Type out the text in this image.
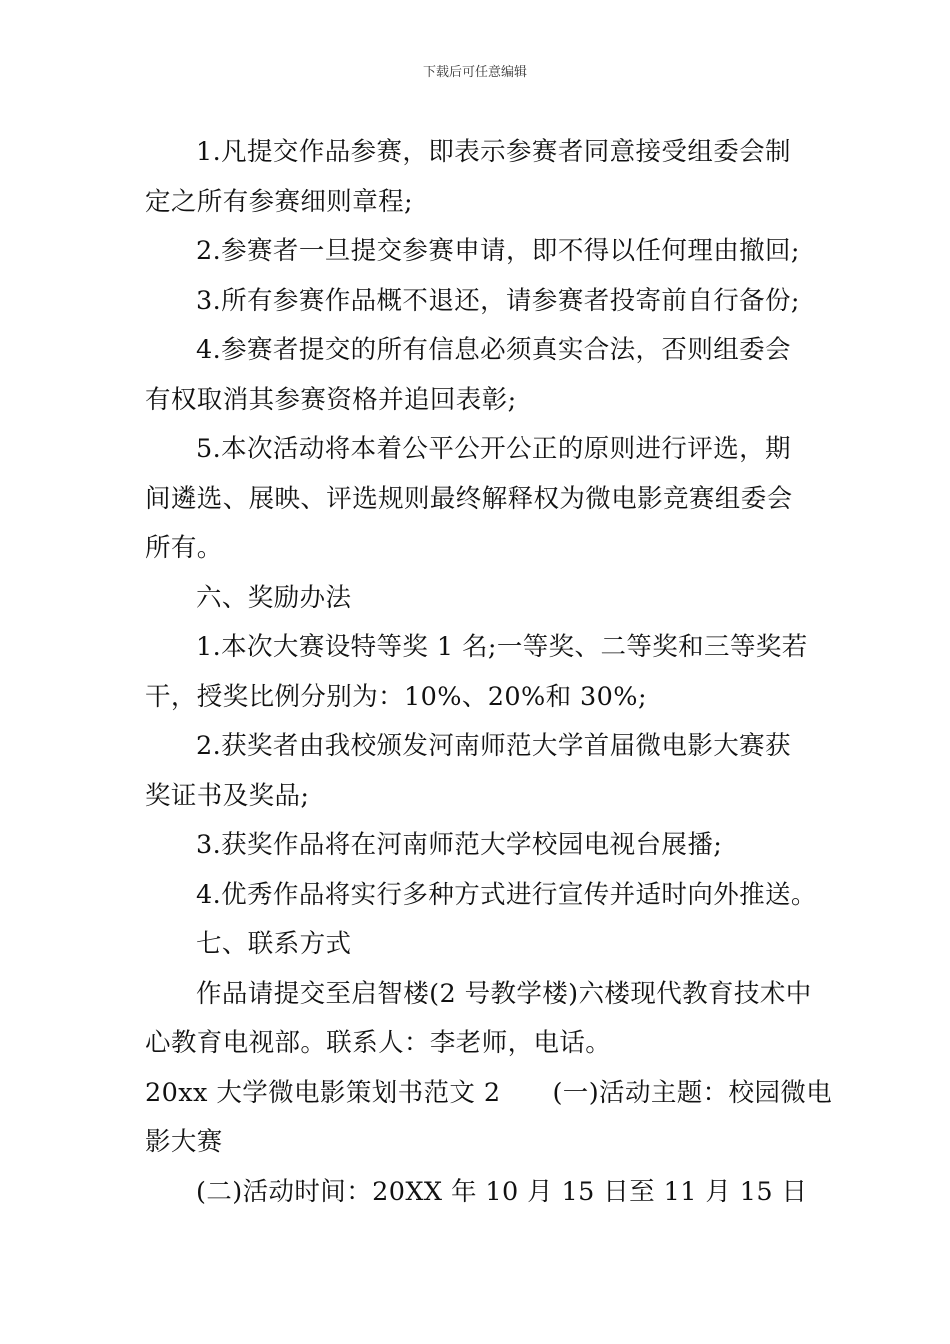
下载后可任意编辑
1.凡提交作品参赛，即表示参赛者同意接受组委会制
定之所有参赛细则章程;
2.参赛者一旦提交参赛申请，即不得以任何理由撤回;
3.所有参赛作品概不退还，请参赛者投寄前自行备份;
4.参赛者提交的所有信息必须真实合法，否则组委会
有权取消其参赛资格并追回表彰;
5.本次活动将本着公平公开公正的原则进行评选，期
间遴选、展映、评选规则最终解释权为微电影竞赛组委会
所有。
六、奖励办法
1.本次大赛设特等奖 1 名;一等奖、二等奖和三等奖若
干，授奖比例分别为：10%、20%和 30%;
2.获奖者由我校颁发河南师范大学首届微电影大赛获
奖证书及奖品;
3.获奖作品将在河南师范大学校园电视台展播;
4.优秀作品将实行多种方式进行宣传并适时向外推送。
七、联系方式
作品请提交至启智楼(2 号教学楼)六楼现代教育技术中
心教育电视部。联系人：李老师，电话。
20xx 大学微电影策划书范文 2 (一)活动主题：校园微电
影大赛
(二)活动时间：20XX 年 10 月 15 日至 11 月 15 日
